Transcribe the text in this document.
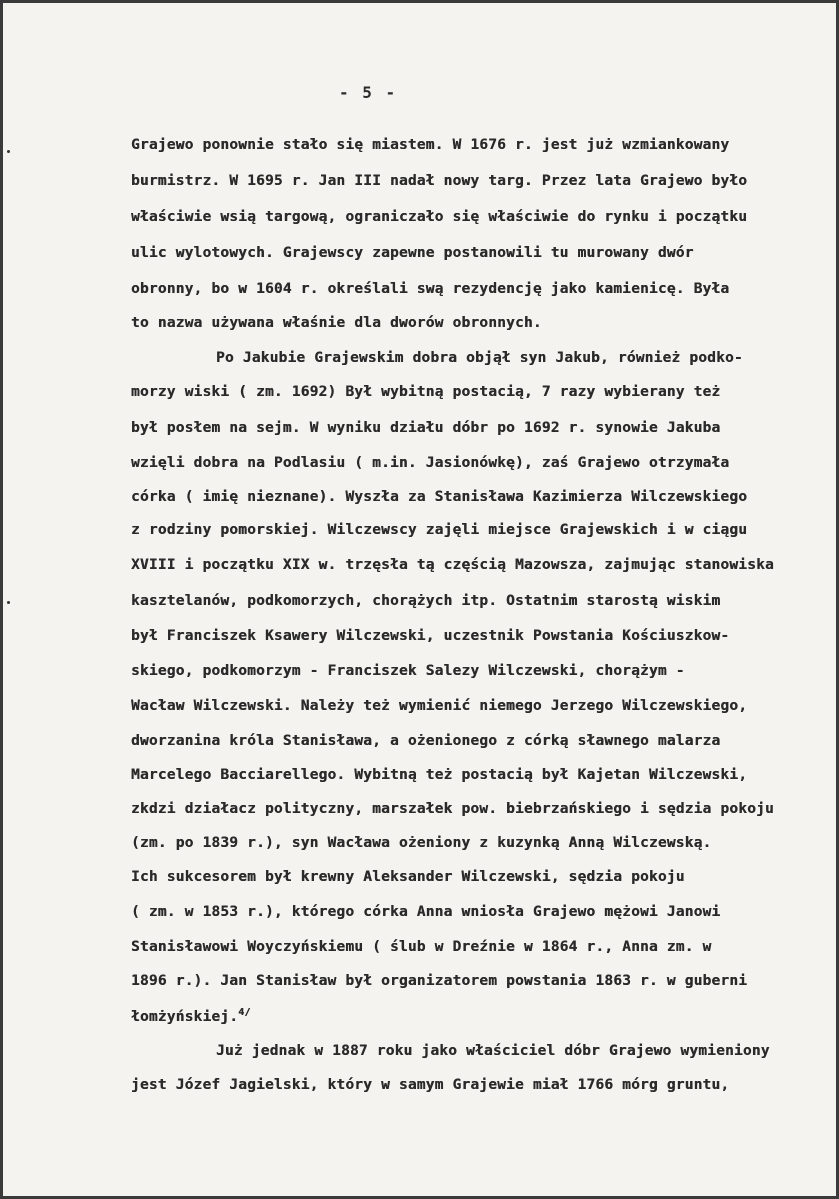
- 5 -
Grajewo ponownie stało się miastem. W 1676 r. jest już wzmiankowany
burmistrz. W 1695 r. Jan III nadał nowy targ. Przez lata Grajewo było
właściwie wsią targową, ograniczało się właściwie do rynku i początku
ulic wylotowych. Grajewscy zapewne postanowili tu murowany dwór
obronny, bo w 1604 r. określali swą rezydencję jako kamienicę. Była
to nazwa używana właśnie dla dworów obronnych.
Po Jakubie Grajewskim dobra objął syn Jakub, również podko-
morzy wiski ( zm. 1692) Był wybitną postacią, 7 razy wybierany też
był posłem na sejm. W wyniku działu dóbr po 1692 r. synowie Jakuba
wzięli dobra na Podlasiu ( m.in. Jasionówkę), zaś Grajewo otrzymała
córka ( imię nieznane). Wyszła za Stanisława Kazimierza Wilczewskiego
z rodziny pomorskiej. Wilczewscy zajęli miejsce Grajewskich i w ciągu
XVIII i początku XIX w. trzęsła tą częścią Mazowsza, zajmując stanowiska
kasztelanów, podkomorzych, chorążych itp. Ostatnim starostą wiskim
był Franciszek Ksawery Wilczewski, uczestnik Powstania Kościuszkow-
skiego, podkomorzym - Franciszek Salezy Wilczewski, chorążym -
Wacław Wilczewski. Należy też wymienić niemego Jerzego Wilczewskiego,
dworzanina króla Stanisława, a ożenionego z córką sławnego malarza
Marcelego Bacciarellego. Wybitną też postacią był Kajetan Wilczewski,
zkdzi działacz polityczny, marszałek pow. biebrzańskiego i sędzia pokoju
(zm. po 1839 r.), syn Wacława ożeniony z kuzynką Anną Wilczewską.
Ich sukcesorem był krewny Aleksander Wilczewski, sędzia pokoju
( zm. w 1853 r.), którego córka Anna wniosła Grajewo mężowi Janowi
Stanisławowi Woyczyńskiemu ( ślub w Dreźnie w 1864 r., Anna zm. w
1896 r.). Jan Stanisław był organizatorem powstania 1863 r. w guberni
łomżyńskiej.$^{4/}$
Już jednak w 1887 roku jako właściciel dóbr Grajewo wymieniony
jest Józef Jagielski, który w samym Grajewie miał 1766 mórg gruntu,
